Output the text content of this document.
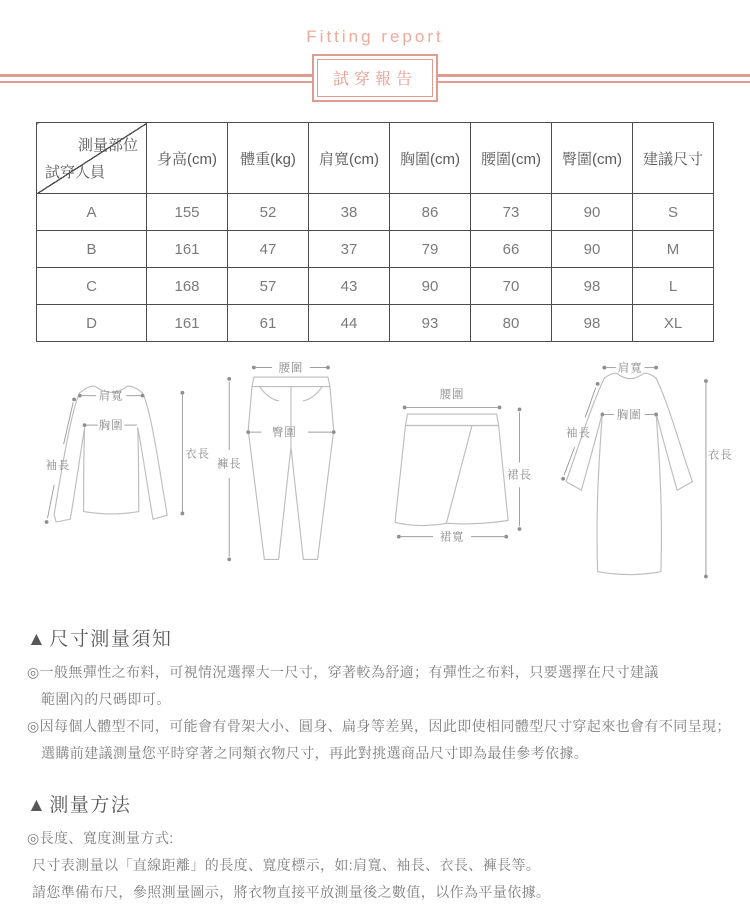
Fitting report
試穿報告
測量部位
試穿人員	身高(cm)	體重(kg)	肩寬(cm)	胸圍(cm)	腰圍(cm)	臀圍(cm)	建議尺寸
A	155	52	38	86	73	90	S
B	161	47	37	79	66	90	M
C	168	57	43	90	70	98	L
D	161	61	44	93	80	98	XL
肩寬
胸圍
衣長
袖長
腰圍
臀圍
褲長
腰圍
裙長
裙寬
肩寬
胸圍
袖長
衣長
▲ 尺寸測量須知
◎一般無彈性之布料，可視情況選擇大一尺寸，穿著較為舒適；有彈性之布料，只要選擇在尺寸建議
範圍內的尺碼即可。
◎因每個人體型不同，可能會有骨架大小、圓身、扁身等差異，因此即使相同體型尺寸穿起來也會有不同呈現；
選購前建議測量您平時穿著之同類衣物尺寸，再此對挑選商品尺寸即為最佳參考依據。
▲ 測量方法
◎長度、寬度測量方式:
尺寸表測量以「直線距離」的長度、寬度標示，如:肩寬、袖長、衣長、褲長等。
請您準備布尺，參照測量圖示，將衣物直接平放測量後之數值，以作為平量依據。
